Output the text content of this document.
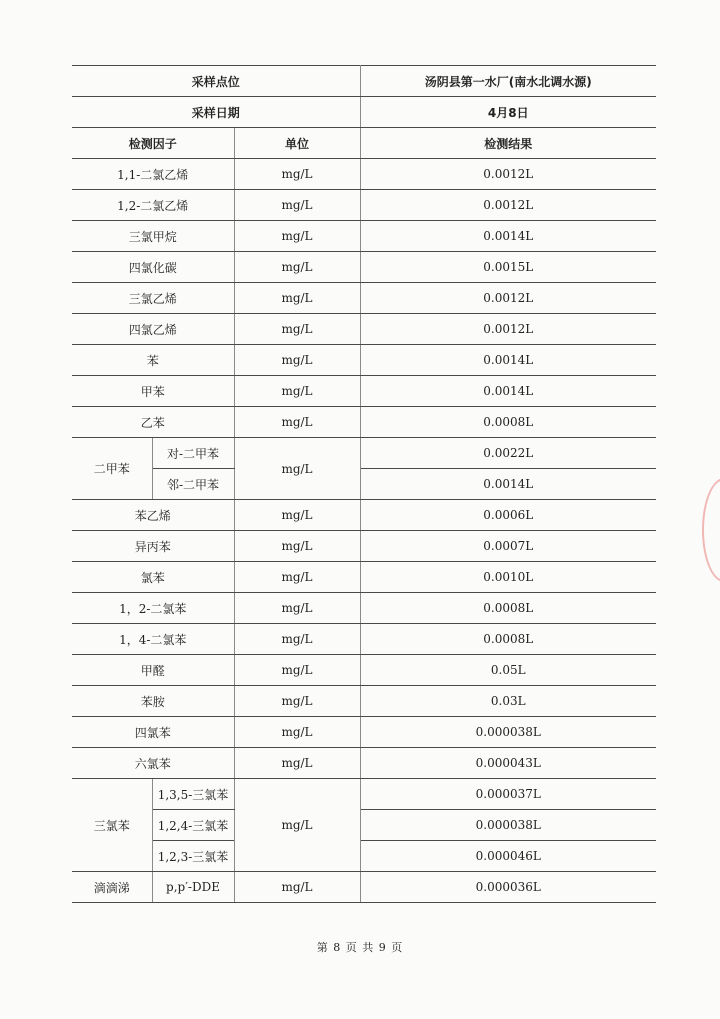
采样点位			汤阴县第一水厂(南水北调水源)
采样日期			4月8日
检测因子		单位	检测结果
1,1-二氯乙烯		mg/L	0.0012L
1,2-二氯乙烯		mg/L	0.0012L
三氯甲烷		mg/L	0.0014L
四氯化碳		mg/L	0.0015L
三氯乙烯		mg/L	0.0012L
四氯乙烯		mg/L	0.0012L
苯		mg/L	0.0014L
甲苯		mg/L	0.0014L
乙苯		mg/L	0.0008L
二甲苯	对-二甲苯	mg/L	0.0022L
	邻-二甲苯		0.0014L
苯乙烯		mg/L	0.0006L
异丙苯		mg/L	0.0007L
氯苯		mg/L	0.0010L
1，2-二氯苯		mg/L	0.0008L
1，4-二氯苯		mg/L	0.0008L
甲醛		mg/L	0.05L
苯胺		mg/L	0.03L
四氯苯		mg/L	0.000038L
六氯苯		mg/L	0.000043L
三氯苯	1,3,5-三氯苯	mg/L	0.000037L
	1,2,4-三氯苯		0.000038L
	1,2,3-三氯苯		0.000046L
滴滴涕	p,p′-DDE	mg/L	0.000036L
第 8 页 共 9 页
